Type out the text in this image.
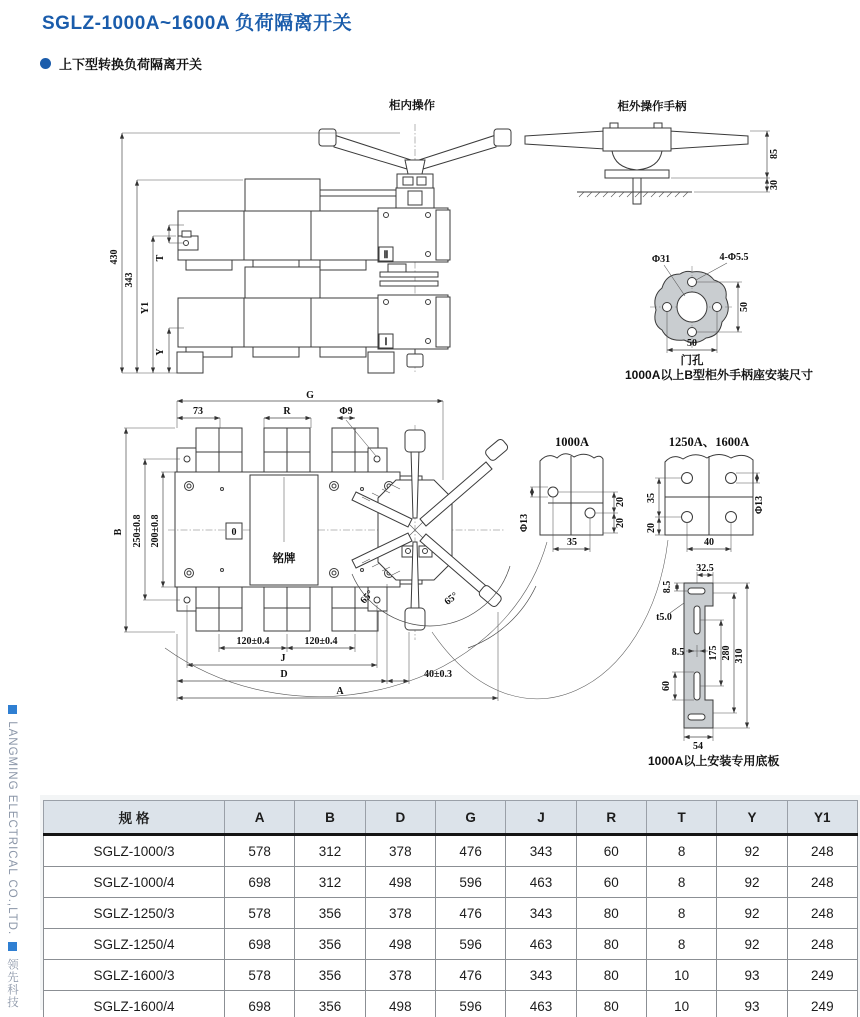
SGLZ-1000A~1600A 负荷隔离开关
上下型转换负荷隔离开关
柜内操作
Ⅱ
Ⅰ
430
343
Y1
T
Y
柜外操作手柄
85
30
Φ31	4-Φ5.5
50
50
门孔
1000A以上B型柜外手柄座安装尺寸
0
铭牌
65°	65°
G
73	R	Φ9
B 250±0.8 200±0.8
120±0.4	120±0.4
J
D	40±0.3
A
1000A
Φ13
20
20
35
1250A、1600A
35
20
40
Φ13
32.5
8.5
t5.0
8.5
60
175 280 310
54
1000A以上安装专用底板
规 格	A	B	D	G	J	R	T	Y	Y1
SGLZ-1000/3	578	312	378	476	343	60	8	92	248
SGLZ-1000/4	698	312	498	596	463	60	8	92	248
SGLZ-1250/3	578	356	378	476	343	80	8	92	248
SGLZ-1250/4	698	356	498	596	463	80	8	92	248
SGLZ-1600/3	578	356	378	476	343	80	10	93	249
SGLZ-1600/4	698	356	498	596	463	80	10	93	249
LANGMING ELECTRICAL CO.,LTD.  领先科技
